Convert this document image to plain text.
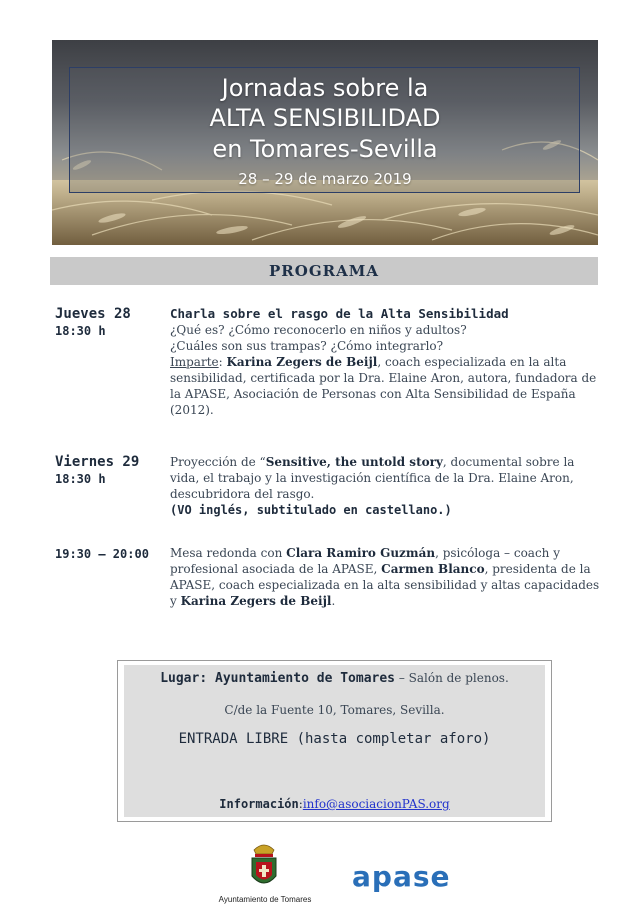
Jornadas sobre la
ALTA SENSIBILIDAD
en Tomares-Sevilla
28 – 29 de marzo 2019
PROGRAMA
Jueves 28
18:30 h
Charla sobre el rasgo de la Alta Sensibilidad
¿Qué es? ¿Cómo reconocerlo en niños y adultos?
¿Cuáles son sus trampas? ¿Cómo integrarlo?
Imparte: Karina Zegers de Beijl, coach especializada en la alta sensibilidad, certificada por la Dra. Elaine Aron, autora, fundadora de la APASE, Asociación de Personas con Alta Sensibilidad de España (2012).
Viernes 29
18:30 h
Proyección de “Sensitive, the untold story, documental sobre la vida, el trabajo y la investigación científica de la Dra. Elaine Aron, descubridora del rasgo.
(VO inglés, subtitulado en castellano.)
19:30 – 20:00 Mesa redonda con Clara Ramiro Guzmán, psicóloga – coach y profesional asociada de la APASE, Carmen Blanco, presidenta de la APASE, coach especializada en la alta sensibilidad y altas capacidades y Karina Zegers de Beijl.
Lugar: Ayuntamiento de Tomares – Salón de plenos.
C/de la Fuente 10, Tomares, Sevilla.
ENTRADA LIBRE (hasta completar aforo)
Información:info@asociacionPAS.org
Ayuntamiento de Tomares
apase
